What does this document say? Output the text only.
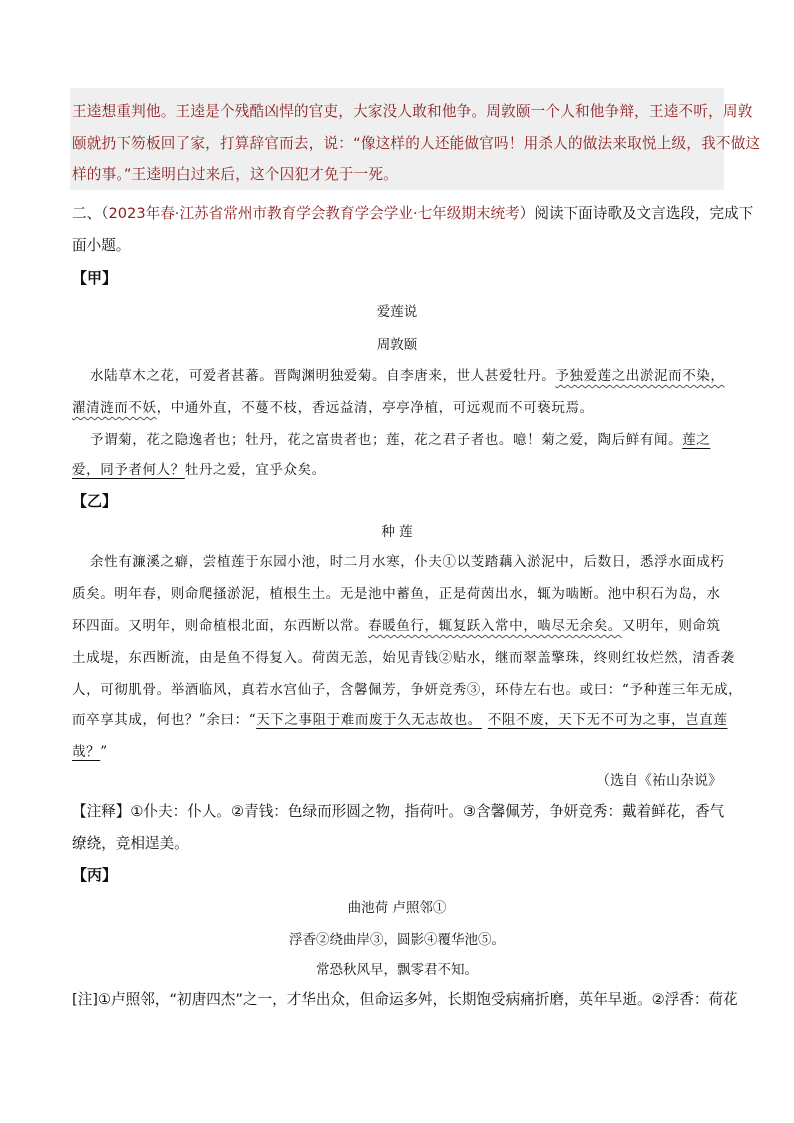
王逵想重判他。王逵是个残酷凶悍的官吏，大家没人敢和他争。周敦颐一个人和他争辩，王逵不听，周敦
颐就扔下笏板回了家，打算辞官而去，说：“像这样的人还能做官吗！用杀人的做法来取悦上级，我不做这
样的事。”王逵明白过来后，这个囚犯才免于一死。
二、（2023年春·江苏省常州市教育学会教育学会学业·七年级期末统考）阅读下面诗歌及文言选段，完成下
面小题。
【甲】
爱莲说
周敦颐
水陆草木之花，可爱者甚蕃。晋陶渊明独爱菊。自李唐来，世人甚爱牡丹。予独爱莲之出淤泥而不染，
濯清涟而不妖，中通外直，不蔓不枝，香远益清，亭亭净植，可远观而不可亵玩焉。
予谓菊，花之隐逸者也；牡丹，花之富贵者也；莲，花之君子者也。噫！菊之爱，陶后鲜有闻。莲之
爱，同予者何人？牡丹之爱，宜乎众矣。
【乙】
种 莲
余性有濂溪之癖，尝植莲于东园小池，时二月水寒，仆夫①以芰踏藕入淤泥中，后数日，悉浮水面成朽
质矣。明年春，则命爬搔淤泥，植根生土。无是池中蓄鱼，正是荷茵出水，辄为啮断。池中积石为岛，水
环四面。又明年，则命植根北面，东西断以常。春暖鱼行，辄复跃入常中，啮尽无余矣。又明年，则命筑
土成堤，东西断流，由是鱼不得复入。荷茵无恙，始见青钱②贴水，继而翠盖擎珠，终则红妆烂然，清香袭
人，可彻肌骨。举酒临风，真若水宫仙子，含馨佩芳，争妍竞秀③，环侍左右也。或曰：“予种莲三年无成，
而卒享其成，何也？”余曰：“天下之事阻于难而废于久无志故也。 不阻不废，天下无不可为之事，岂直莲
哉？”
（选自《祐山杂说》
【注释】①仆夫：仆人。②青钱：色绿而形圆之物，指荷叶。③含馨佩芳，争妍竞秀：戴着鲜花，香气
缭绕，竞相逞美。
【丙】
曲池荷 卢照邻①
浮香②绕曲岸③，圆影④覆华池⑤。
常恐秋风早，飘零君不知。
[注]①卢照邻，“初唐四杰”之一，才华出众，但命运多舛，长期饱受病痛折磨，英年早逝。②浮香：荷花
